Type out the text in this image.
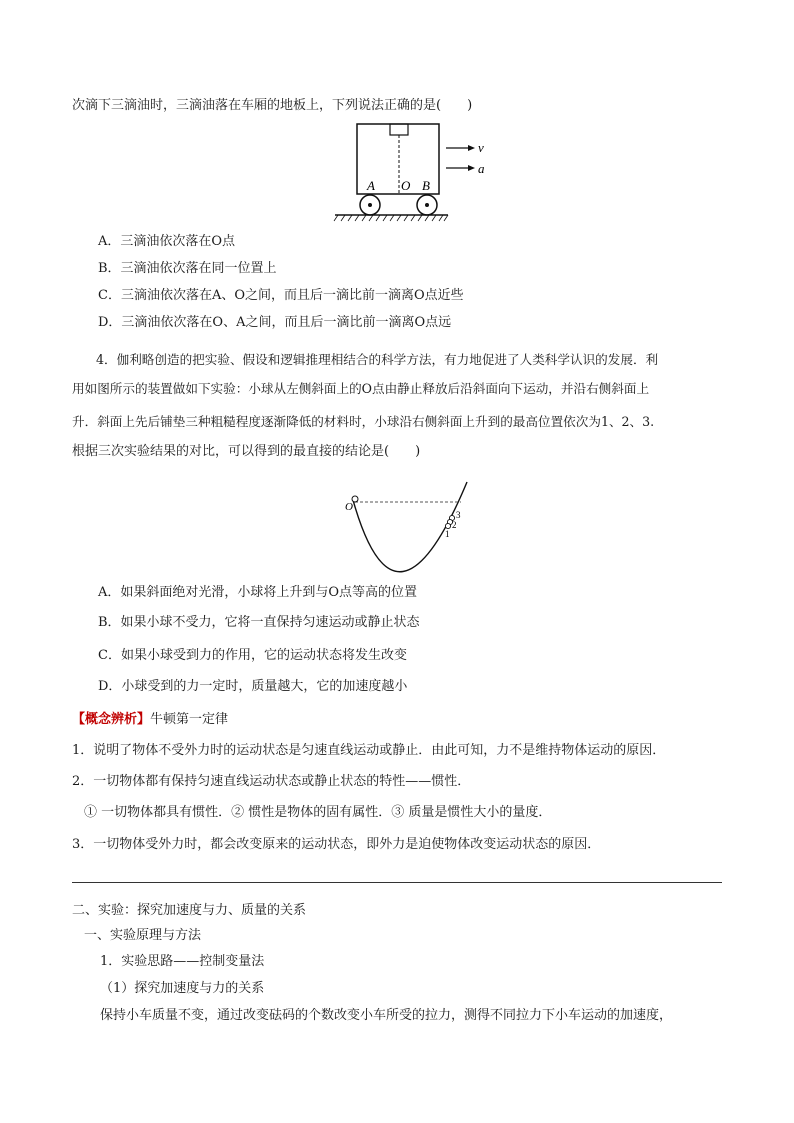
次滴下三滴油时，三滴油落在车厢的地板上，下列说法正确的是(　　)
v
a
A O B
A．三滴油依次落在O点
B．三滴油依次落在同一位置上
C．三滴油依次落在A、O之间，而且后一滴比前一滴离O点近些
D．三滴油依次落在O、A之间，而且后一滴比前一滴离O点远
4．伽利略创造的把实验、假设和逻辑推理相结合的科学方法，有力地促进了人类科学认识的发展．利
用如图所示的装置做如下实验：小球从左侧斜面上的O点由静止释放后沿斜面向下运动，并沿右侧斜面上
升．斜面上先后铺垫三种粗糙程度逐渐降低的材料时，小球沿右侧斜面上升到的最高位置依次为1、2、3.
根据三次实验结果的对比，可以得到的最直接的结论是(　　)
O
1
2
3
A．如果斜面绝对光滑，小球将上升到与O点等高的位置
B．如果小球不受力，它将一直保持匀速运动或静止状态
C．如果小球受到力的作用，它的运动状态将发生改变
D．小球受到的力一定时，质量越大，它的加速度越小
【概念辨析】牛顿第一定律
1．说明了物体不受外力时的运动状态是匀速直线运动或静止．由此可知，力不是维持物体运动的原因．
2．一切物体都有保持匀速直线运动状态或静止状态的特性——惯性．
① 一切物体都具有惯性．② 惯性是物体的固有属性．③ 质量是惯性大小的量度．
3．一切物体受外力时，都会改变原来的运动状态，即外力是迫使物体改变运动状态的原因．
二、实验：探究加速度与力、质量的关系
一、实验原理与方法
1．实验思路——控制变量法
（1）探究加速度与力的关系
保持小车质量不变，通过改变砝码的个数改变小车所受的拉力，测得不同拉力下小车运动的加速度，
